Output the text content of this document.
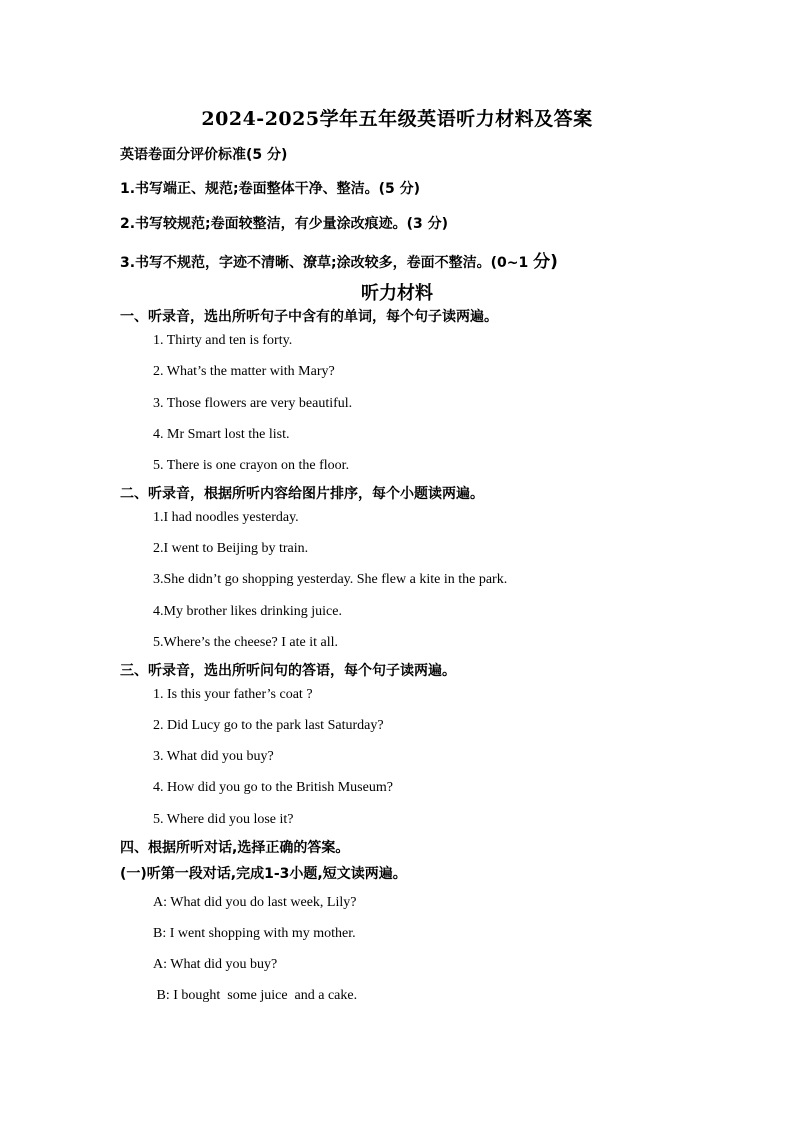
2024-2025学年五年级英语听力材料及答案
英语卷面分评价标准(5 分)
1.书写端正、规范;卷面整体干净、整洁。(5 分)
2.书写较规范;卷面较整洁，有少量涂改痕迹。(3 分)
3.书写不规范，字迹不清晰、潦草;涂改较多，卷面不整洁。(0~1 分)
听力材料
一、听录音，选出所听句子中含有的单词，每个句子读两遍。
1. Thirty and ten is forty.
2. What’s the matter with Mary?
3. Those flowers are very beautiful.
4. Mr Smart lost the list.
5. There is one crayon on the floor.
二、听录音，根据所听内容给图片排序，每个小题读两遍。
1.I had noodles yesterday.
2.I went to Beijing by train.
3.She didn’t go shopping yesterday. She flew a kite in the park.
4.My brother likes drinking juice.
5.Where’s the cheese? I ate it all.
三、听录音，选出所听问句的答语，每个句子读两遍。
1. Is this your father’s coat ?
2. Did Lucy go to the park last Saturday?
3. What did you buy?
4. How did you go to the British Museum?
5. Where did you lose it?
四、根据所听对话,选择正确的答案。
(一)听第一段对话,完成1-3小题,短文读两遍。
A: What did you do last week, Lily?
B: I went shopping with my mother.
A: What did you buy?
B: I bought  some juice  and a cake.
